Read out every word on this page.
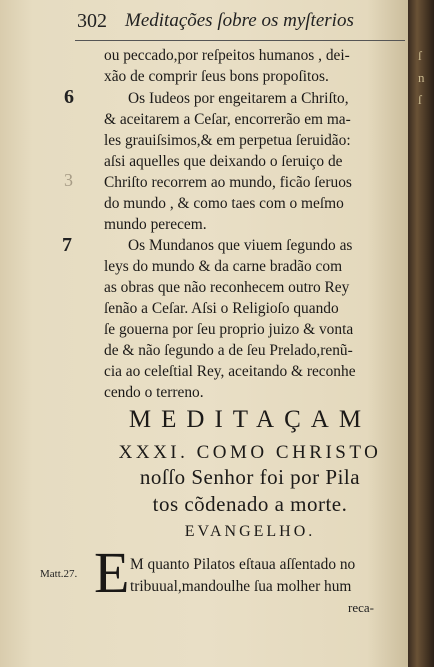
302 Meditações ſobre os myſterios
6
3
7
ou peccado,por reſpeitos humanos , dei-
xão de comprir ſeus bons propoſitos.
Os Iudeos por engeitarem a Chriſto,
& aceitarem a Ceſar, encorrerão em ma-
les grauiſsimos,& em perpetua ſeruidão:
aſsi aquelles que deixando o ſeruiço de
Chriſto recorrem ao mundo, ficão ſeruos
do mundo , & como taes com o meſmo
mundo perecem.
Os Mundanos que viuem ſegundo as
leys do mundo & da carne bradão com
as obras que não reconhecem outro Rey
ſenão a Ceſar. Aſsi o Religioſo quando
ſe gouerna por ſeu proprio juizo & vonta
de & não ſegundo a de ſeu Prelado,renũ-
cia ao celeſtial Rey, aceitando & reconhe
cendo o terreno.
MEDITAÇAM
XXXI. COMO CHRISTO
noſſo Senhor foi por Pila
tos cõdenado a morte.
EVANGELHO.
Matt.27. E M quanto Pilatos eſtaua aſſentado no
tribuual,mandoulhe ſua molher hum
reca-
ſ
n
ſ
